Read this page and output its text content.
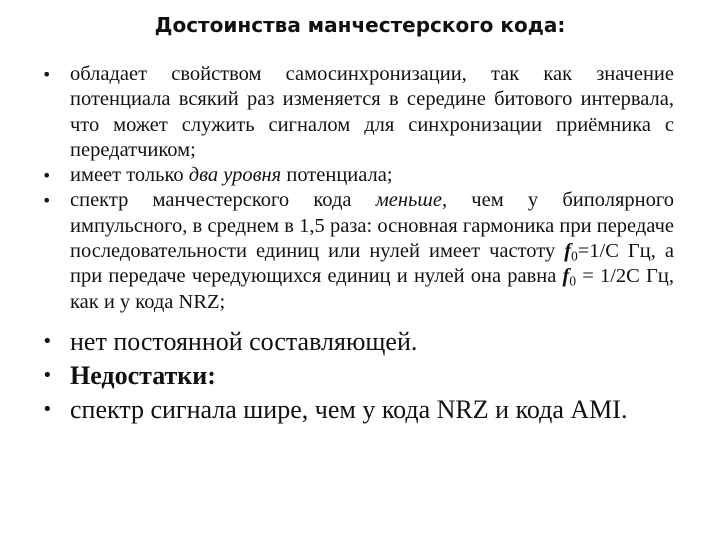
Достоинства манчестерского кода:
• обладает свойством самосинхронизации, так как значение потенциала всякий раз изменяется в середине битового интервала, что может служить сигналом для синхронизации приёмника с передатчиком;
• имеет только два уровня потенциала;
• спектр манчестерского кода меньше, чем у биполярного импульсного, в среднем в 1,5 раза: основная гармоника при передаче последовательности единиц или нулей имеет частоту $f_0=1/С$ Гц, а при передаче чередующихся единиц и нулей она равна $f_0 = 1/2С$ Гц, как и у кода NRZ;
• нет постоянной составляющей.
• Недостатки:
• спектр сигнала шире, чем у кода NRZ и кода AMI.
